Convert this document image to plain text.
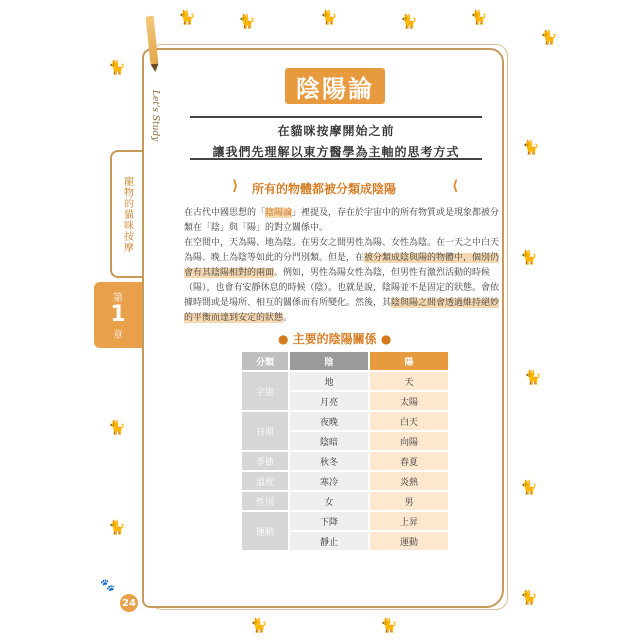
🐈	🐈	🐈	🐈	🐈
🐈
🐈
🐈
🐈
🐈
🐈
🐈
🐈
🐈
🐈	🐈
Let's Study
寵物的貓咪按摩
第
1
章
🐾
24
陰陽論
在貓咪按摩開始之前
讓我們先理解以東方醫學為主軸的思考方式
⟩ 所有的物體都被分類成陰陽	⟨

在古代中國思想的「陰陽論」裡提及，存在於宇宙中的所有物質或是現象都被分類在「陰」與「陽」的對立關係中。

在空間中，天為陽、地為陰。在男女之間男性為陽、女性為陰。在一天之中白天為陽、晚上為陰等如此的分門別類。但是，在被分類成陰與陽的物體中，個別仍會有其陰陽相對的兩面。例如，男性為陽女性為陰，但男性有激烈活動的時候（陽），也會有安靜休息的時候（陰）。也就是說，陰陽並不是固定的狀態。會依據時間或是場所、相互的關係而有所變化。然後，其陰與陽之間會透過維持絕妙的平衡而達到安定的狀態。

● 主要的陰陽關係 ●
分類	陰	陽
宇宙	地	天
	月亮	太陽
日照	夜晚	白天
	陰暗	向陽
季節	秋冬	春夏
溫度	寒冷	炎熱
性別	女	男
運動	下降	上昇
	靜止	運動
